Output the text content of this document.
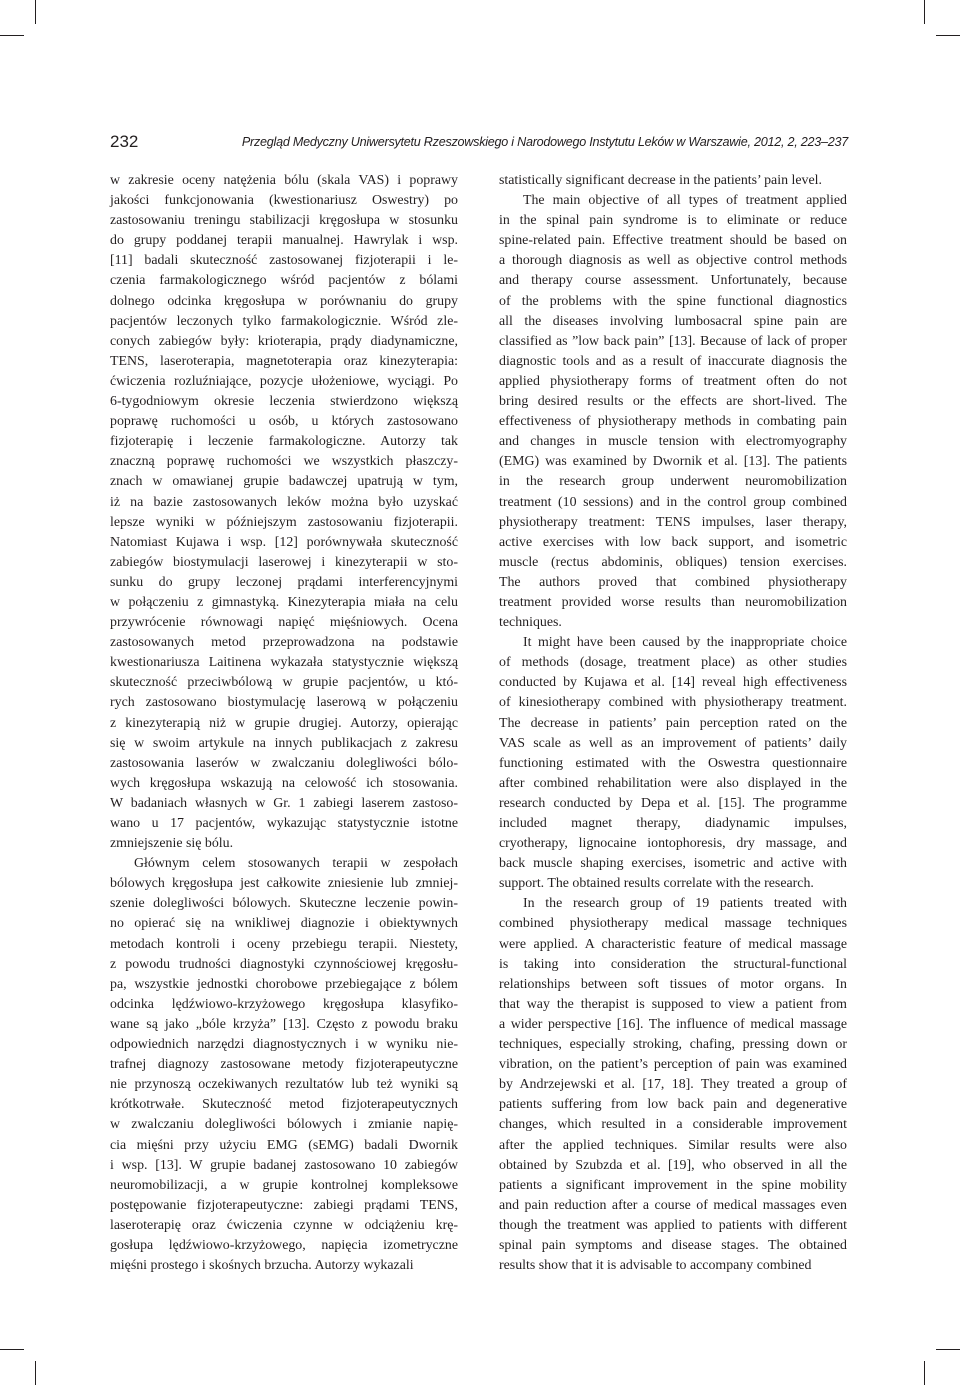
232	Przegląd Medyczny Uniwersytetu Rzeszowskiego i Narodowego Instytutu Leków w Warszawie, 2012, 2, 223–237
w zakresie oceny natężenia bólu (skala VAS) i poprawy
jakości funkcjonowania (kwestionariusz Oswestry) po
zastosowaniu treningu stabilizacji kręgosłupa w stosunku
do grupy poddanej terapii manualnej. Hawrylak i wsp.
[11] badali skuteczność zastosowanej fizjoterapii i le-
czenia farmakologicznego wśród pacjentów z bólami
dolnego odcinka kręgosłupa w porównaniu do grupy
pacjentów leczonych tylko farmakologicznie. Wśród zle-
conych zabiegów były: krioterapia, prądy diadynamiczne,
TENS, laseroterapia, magnetoterapia oraz kinezyterapia:
ćwiczenia rozluźniające, pozycje ułożeniowe, wyciągi. Po
6-tygodniowym okresie leczenia stwierdzono większą
poprawę ruchomości u osób, u których zastosowano
fizjoterapię i leczenie farmakologiczne. Autorzy tak
znaczną poprawę ruchomości we wszystkich płaszczy-
znach w omawianej grupie badawczej upatrują w tym,
iż na bazie zastosowanych leków można było uzyskać
lepsze wyniki w późniejszym zastosowaniu fizjoterapii.
Natomiast Kujawa i wsp. [12] porównywała skuteczność
zabiegów biostymulacji laserowej i kinezyterapii w sto-
sunku do grupy leczonej prądami interferencyjnymi
w połączeniu z gimnastyką. Kinezyterapia miała na celu
przywrócenie równowagi napięć mięśniowych. Ocena
zastosowanych metod przeprowadzona na podstawie
kwestionariusza Laitinena wykazała statystycznie większą
skuteczność przeciwbólową w grupie pacjentów, u któ-
rych zastosowano biostymulację laserową w połączeniu
z kinezyterapią niż w grupie drugiej. Autorzy, opierając
się w swoim artykule na innych publikacjach z zakresu
zastosowania laserów w zwalczaniu dolegliwości bólo-
wych kręgosłupa wskazują na celowość ich stosowania.
W badaniach własnych w Gr. 1 zabiegi laserem zastoso-
wano u 17 pacjentów, wykazując statystycznie istotne
zmniejszenie się bólu.
Głównym celem stosowanych terapii w zespołach
bólowych kręgosłupa jest całkowite zniesienie lub zmniej-
szenie dolegliwości bólowych. Skuteczne leczenie powin-
no opierać się na wnikliwej diagnozie i obiektywnych
metodach kontroli i oceny przebiegu terapii. Niestety,
z powodu trudności diagnostyki czynnościowej kręgosłu-
pa, wszystkie jednostki chorobowe przebiegające z bólem
odcinka lędźwiowo-krzyżowego kręgosłupa klasyfiko-
wane są jako „bóle krzyża” [13]. Często z powodu braku
odpowiednich narzędzi diagnostycznych i w wyniku nie-
trafnej diagnozy zastosowane metody fizjoterapeutyczne
nie przynoszą oczekiwanych rezultatów lub też wyniki są
krótkotrwałe. Skuteczność metod fizjoterapeutycznych
w zwalczaniu dolegliwości bólowych i zmianie napię-
cia mięśni przy użyciu EMG (sEMG) badali Dwornik
i wsp. [13]. W grupie badanej zastosowano 10 zabiegów
neuromobilizacji, a w grupie kontrolnej kompleksowe
postępowanie fizjoterapeutyczne: zabiegi prądami TENS,
laseroterapię oraz ćwiczenia czynne w odciążeniu krę-
gosłupa lędźwiowo-krzyżowego, napięcia izometryczne
mięśni prostego i skośnych brzucha. Autorzy wykazali
statistically significant decrease in the patients’ pain level.
The main objective of all types of treatment applied
in the spinal pain syndrome is to eliminate or reduce
spine-related pain. Effective treatment should be based on
a thorough diagnosis as well as objective control methods
and therapy course assessment. Unfortunately, because
of the problems with the spine functional diagnostics
all the diseases involving lumbosacral spine pain are
classified as ”low back pain” [13]. Because of lack of proper
diagnostic tools and as a result of inaccurate diagnosis the
applied physiotherapy forms of treatment often do not
bring desired results or the effects are short-lived. The
effectiveness of physiotherapy methods in combating pain
and changes in muscle tension with electromyography
(EMG) was examined by Dwornik et al. [13]. The patients
in the research group underwent neuromobilization
treatment (10 sessions) and in the control group combined
physiotherapy treatment: TENS impulses, laser therapy,
active exercises with low back support, and isometric
muscle (rectus abdominis, obliques) tension exercises.
The authors proved that combined physiotherapy
treatment provided worse results than neuromobilization
techniques.
It might have been caused by the inappropriate choice
of methods (dosage, treatment place) as other studies
conducted by Kujawa et al. [14] reveal high effectiveness
of kinesiotherapy combined with physiotherapy treatment.
The decrease in patients’ pain perception rated on the
VAS scale as well as an improvement of patients’ daily
functioning estimated with the Oswestra questionnaire
after combined rehabilitation were also displayed in the
research conducted by Depa et al. [15]. The programme
included magnet therapy, diadynamic impulses,
cryotherapy, lignocaine iontophoresis, dry massage, and
back muscle shaping exercises, isometric and active with
support. The obtained results correlate with the research.
In the research group of 19 patients treated with
combined physiotherapy medical massage techniques
were applied. A characteristic feature of medical massage
is taking into consideration the structural-functional
relationships between soft tissues of motor organs. In
that way the therapist is supposed to view a patient from
a wider perspective [16]. The influence of medical massage
techniques, especially stroking, chafing, pressing down or
vibration, on the patient’s perception of pain was examined
by Andrzejewski et al. [17, 18]. They treated a group of
patients suffering from low back pain and degenerative
changes, which resulted in a considerable improvement
after the applied techniques. Similar results were also
obtained by Szubzda et al. [19], who observed in all the
patients a significant improvement in the spine mobility
and pain reduction after a course of medical massages even
though the treatment was applied to patients with different
spinal pain symptoms and disease stages. The obtained
results show that it is advisable to accompany combined
